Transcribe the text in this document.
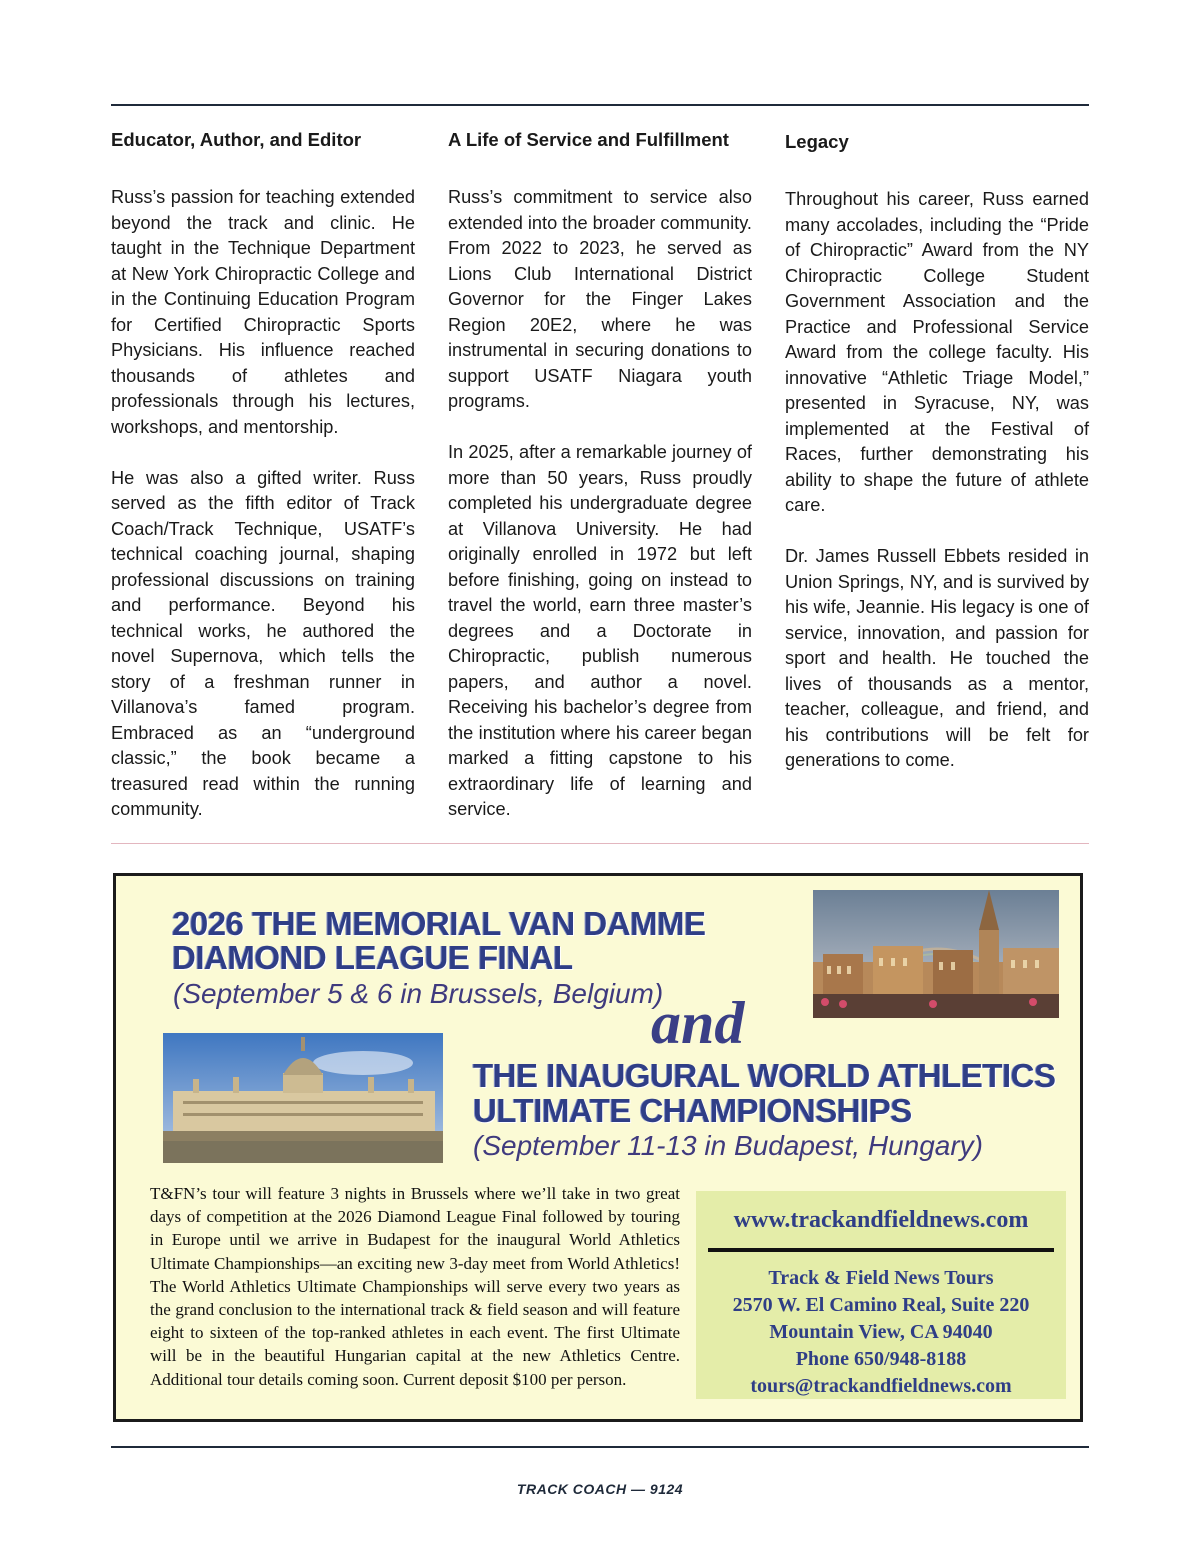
Educator, Author, and Editor

Russ’s passion for teaching extended beyond the track and clinic. He taught in the Technique Department at New York Chiropractic College and in the Continuing Education Program for Certified Chiropractic Sports Physicians. His influence reached thousands of athletes and professionals through his lectures, workshops, and mentorship.

He was also a gifted writer. Russ served as the fifth editor of Track Coach/Track Technique, USATF’s technical coaching journal, shaping professional discussions on training and performance. Beyond his technical works, he authored the novel Supernova, which tells the story of a freshman runner in Villanova’s famed program. Embraced as an “underground classic,” the book became a treasured read within the running community.

A Life of Service and Fulfillment

Russ’s commitment to service also extended into the broader community. From 2022 to 2023, he served as Lions Club International District Governor for the Finger Lakes Region 20E2, where he was instrumental in securing donations to support USATF Niagara youth programs.

In 2025, after a remarkable journey of more than 50 years, Russ proudly completed his undergraduate degree at Villanova University. He had originally enrolled in 1972 but left before finishing, going on instead to travel the world, earn three master’s degrees and a Doctorate in Chiropractic, publish numerous papers, and author a novel. Receiving his bachelor’s degree from the institution where his career began marked a fitting capstone to his extraordinary life of learning and service.

Legacy

Throughout his career, Russ earned many accolades, including the “Pride of Chiropractic” Award from the NY Chiropractic College Student Government Association and the Practice and Professional Service Award from the college faculty. His innovative “Athletic Triage Model,” presented in Syracuse, NY, was implemented at the Festival of Races, further demonstrating his ability to shape the future of athlete care.

Dr. James Russell Ebbets resided in Union Springs, NY, and is survived by his wife, Jeannie. His legacy is one of service, innovation, and passion for sport and health. He touched the lives of thousands as a mentor, teacher, colleague, and friend, and his contributions will be felt for generations to come.

2026 THE MEMORIAL VAN DAMME
DIAMOND LEAGUE FINAL
(September 5 & 6 in Brussels, Belgium)
and
THE INAUGURAL WORLD ATHLETICS
ULTIMATE CHAMPIONSHIPS
(September 11-13 in Budapest, Hungary)

T&FN’s tour will feature 3 nights in Brussels where we’ll take in two great days of competition at the 2026 Diamond League Final followed by touring in Europe until we arrive in Budapest for the inaugural World Athletics Ultimate Championships—an exciting new 3-day meet from World Athletics! The World Athletics Ultimate Championships will serve every two years as the grand conclusion to the international track & field season and will feature eight to sixteen of the top-ranked athletes in each event. The first Ultimate will be in the beautiful Hungarian capital at the new Athletics Centre. Additional tour details coming soon. Current deposit $100 per person.

www.trackandfieldnews.com
Track & Field News Tours
2570 W. El Camino Real, Suite 220
Mountain View, CA 94040
Phone 650/948-8188
tours@trackandfieldnews.com
TRACK COACH — 9124
